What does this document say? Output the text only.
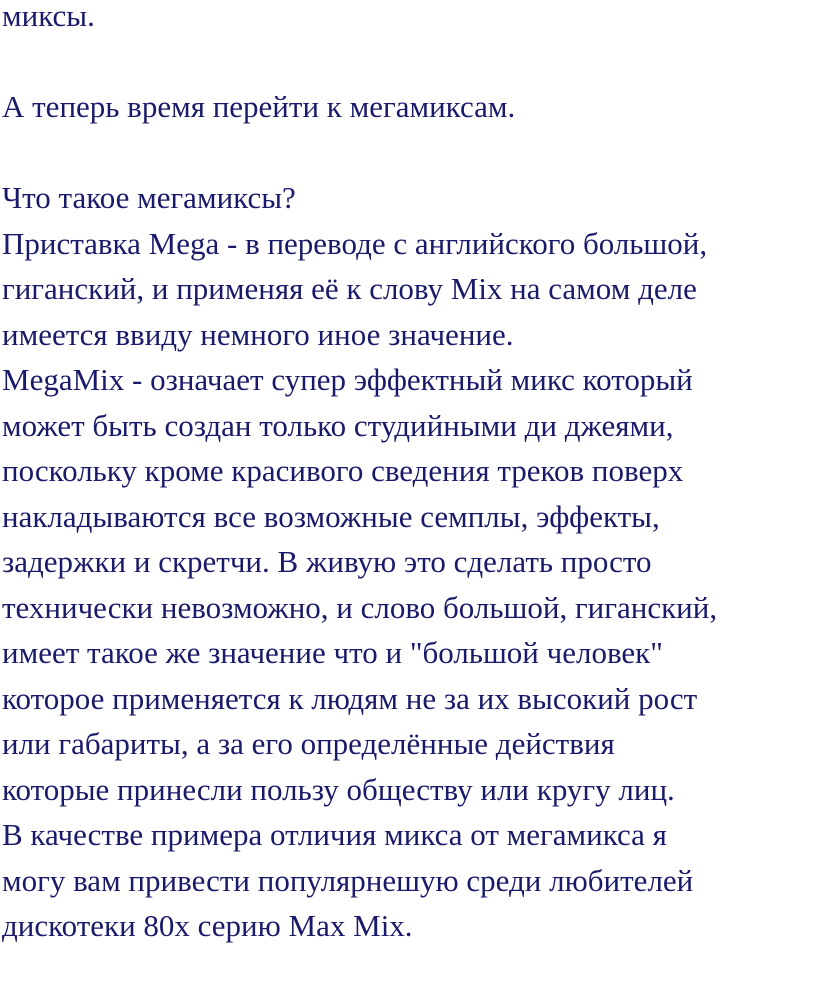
миксы.
А теперь время перейти к мегамиксам.
Что такое мегамиксы?
Приставка Mega - в переводе с английского большой,
гиганский, и применяя её к слову Mix на самом деле
имеется ввиду немного иное значение.
MegaMix - означает супер эффектный микс который
может быть создан только студийными ди джеями,
поскольку кроме красивого сведения треков поверх
накладываются все возможные семплы, эффекты,
задержки и скретчи. В живую это сделать просто
технически невозможно, и слово большой, гиганский,
имеет такое же значение что и "большой человек"
которое применяется к людям не за их высокий рост
или габариты, а за его определённые действия
которые принесли пользу обществу или кругу лиц.
В качестве примера отличия микса от мегамикса я
могу вам привести популярнешую среди любителей
дискотеки 80х серию Max Mix.
